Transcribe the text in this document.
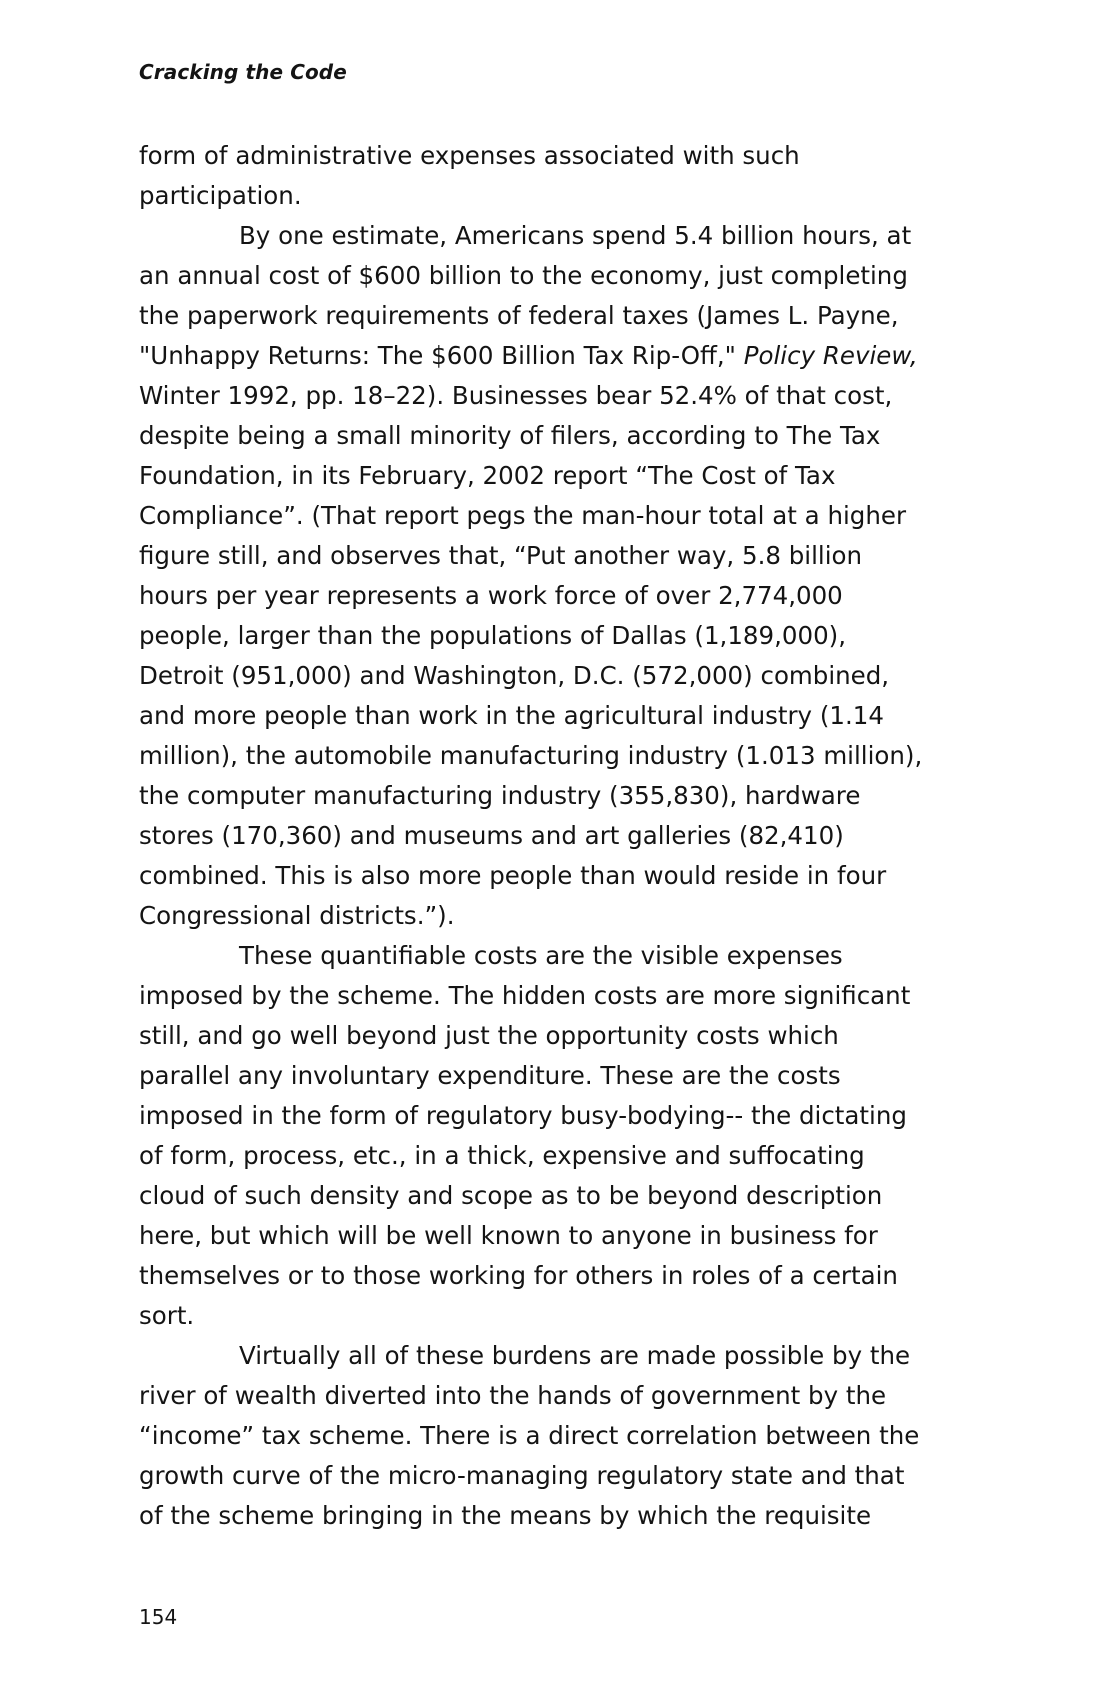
Cracking the Code

form of administrative expenses associated with such participation.

By one estimate, Americans spend 5.4 billion hours, at an annual cost of $600 billion to the economy, just completing the paperwork requirements of federal taxes (James L. Payne, "Unhappy Returns: The $600 Billion Tax Rip-Off," Policy Review, Winter 1992, pp. 18–22). Businesses bear 52.4% of that cost, despite being a small minority of filers, according to The Tax Foundation, in its February, 2002 report “The Cost of Tax Compliance”. (That report pegs the man-hour total at a higher figure still, and observes that, “Put another way, 5.8 billion hours per year represents a work force of over 2,774,000 people, larger than the populations of Dallas (1,189,000), Detroit (951,000) and Washington, D.C. (572,000) combined, and more people than work in the agricultural industry (1.14 million), the automobile manufacturing industry (1.013 million), the computer manufacturing industry (355,830), hardware stores (170,360) and museums and art galleries (82,410) combined. This is also more people than would reside in four Congressional districts.”).

These quantifiable costs are the visible expenses imposed by the scheme. The hidden costs are more significant still, and go well beyond just the opportunity costs which parallel any involuntary expenditure. These are the costs imposed in the form of regulatory busy-bodying-- the dictating of form, process, etc., in a thick, expensive and suffocating cloud of such density and scope as to be beyond description here, but which will be well known to anyone in business for themselves or to those working for others in roles of a certain sort.

Virtually all of these burdens are made possible by the river of wealth diverted into the hands of government by the “income” tax scheme. There is a direct correlation between the growth curve of the micro-managing regulatory state and that of the scheme bringing in the means by which the requisite

154
